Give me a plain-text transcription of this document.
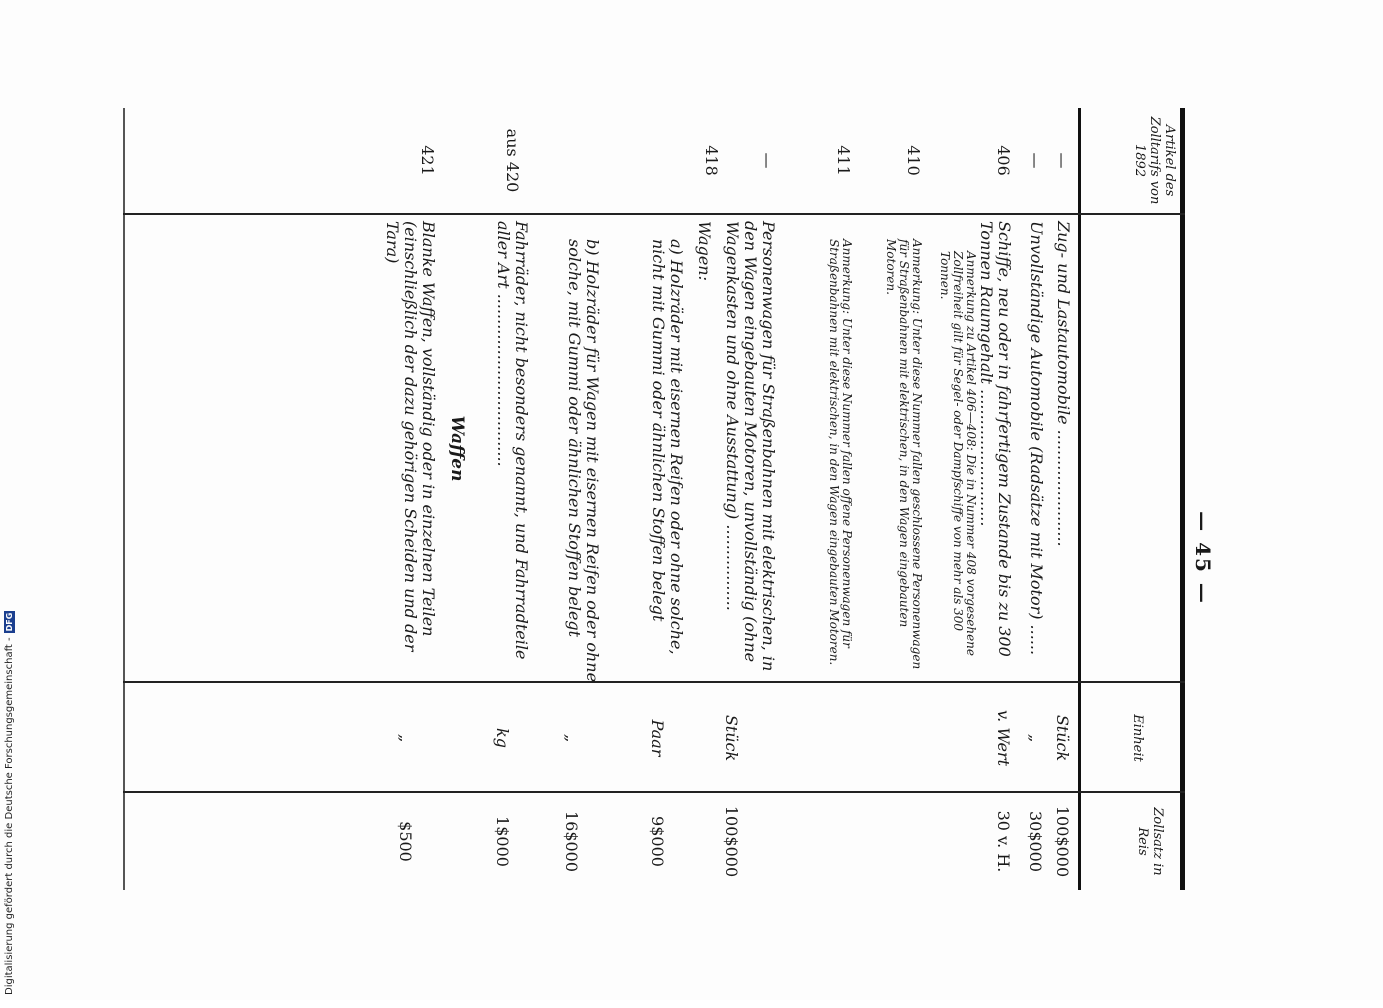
— 45 —
Artikel des Zolltarifs von 1892
Einheit
Zollsatz in Reis
—
Zug- und Lastautomobile .......................
Stück
100$000
—
Unvollständige Automobile (Radsätze mit Motor) ......
„
30$000
406
Schiffe, neu oder in fahrfertigem Zustande bis zu 300 Tonnen Raumgehalt ...........................
Anmerkung zu Artikel 406—408: Die in Nummer 408 vorgesehene Zollfreiheit gilt für Segel- oder Dampfschiffe von mehr als 300 Tonnen.
v. Wert
30 v. H.
410
Anmerkung: Unter diese Nummer fallen geschlossene Personenwagen für Straßenbahnen mit elektrischen, in den Wagen eingebauten Motoren.
411
Anmerkung: Unter diese Nummer fallen offene Personenwagen für Straßenbahnen mit elektrischen, in den Wagen eingebauten Motoren.
—
Personenwagen für Straßenbahnen mit elektrischen, in den Wagen eingebauten Motoren, unvollständig (ohne Wagenkasten und ohne Ausstattung) .................
Stück
100$000
418
Wagen:
a) Holzräder mit eisernen Reifen oder ohne solche, nicht mit Gummi oder ähnlichen Stoffen belegt
Paar
9$000
b) Holzräder für Wagen mit eisernen Reifen oder ohne solche, mit Gummi oder ähnlichen Stoffen belegt
„
16$000
aus 420
Fahrräder, nicht besonders genannt, und Fahrradteile aller Art ..................................
kg
1$000
Waffen
421
Blanke Waffen, vollständig oder in einzelnen Teilen (einschließlich der dazu gehörigen Scheiden und der Tara)
„
$500
Digitalisierung gefördert durch die Deutsche Forschungsgemeinschaft -
DFG
